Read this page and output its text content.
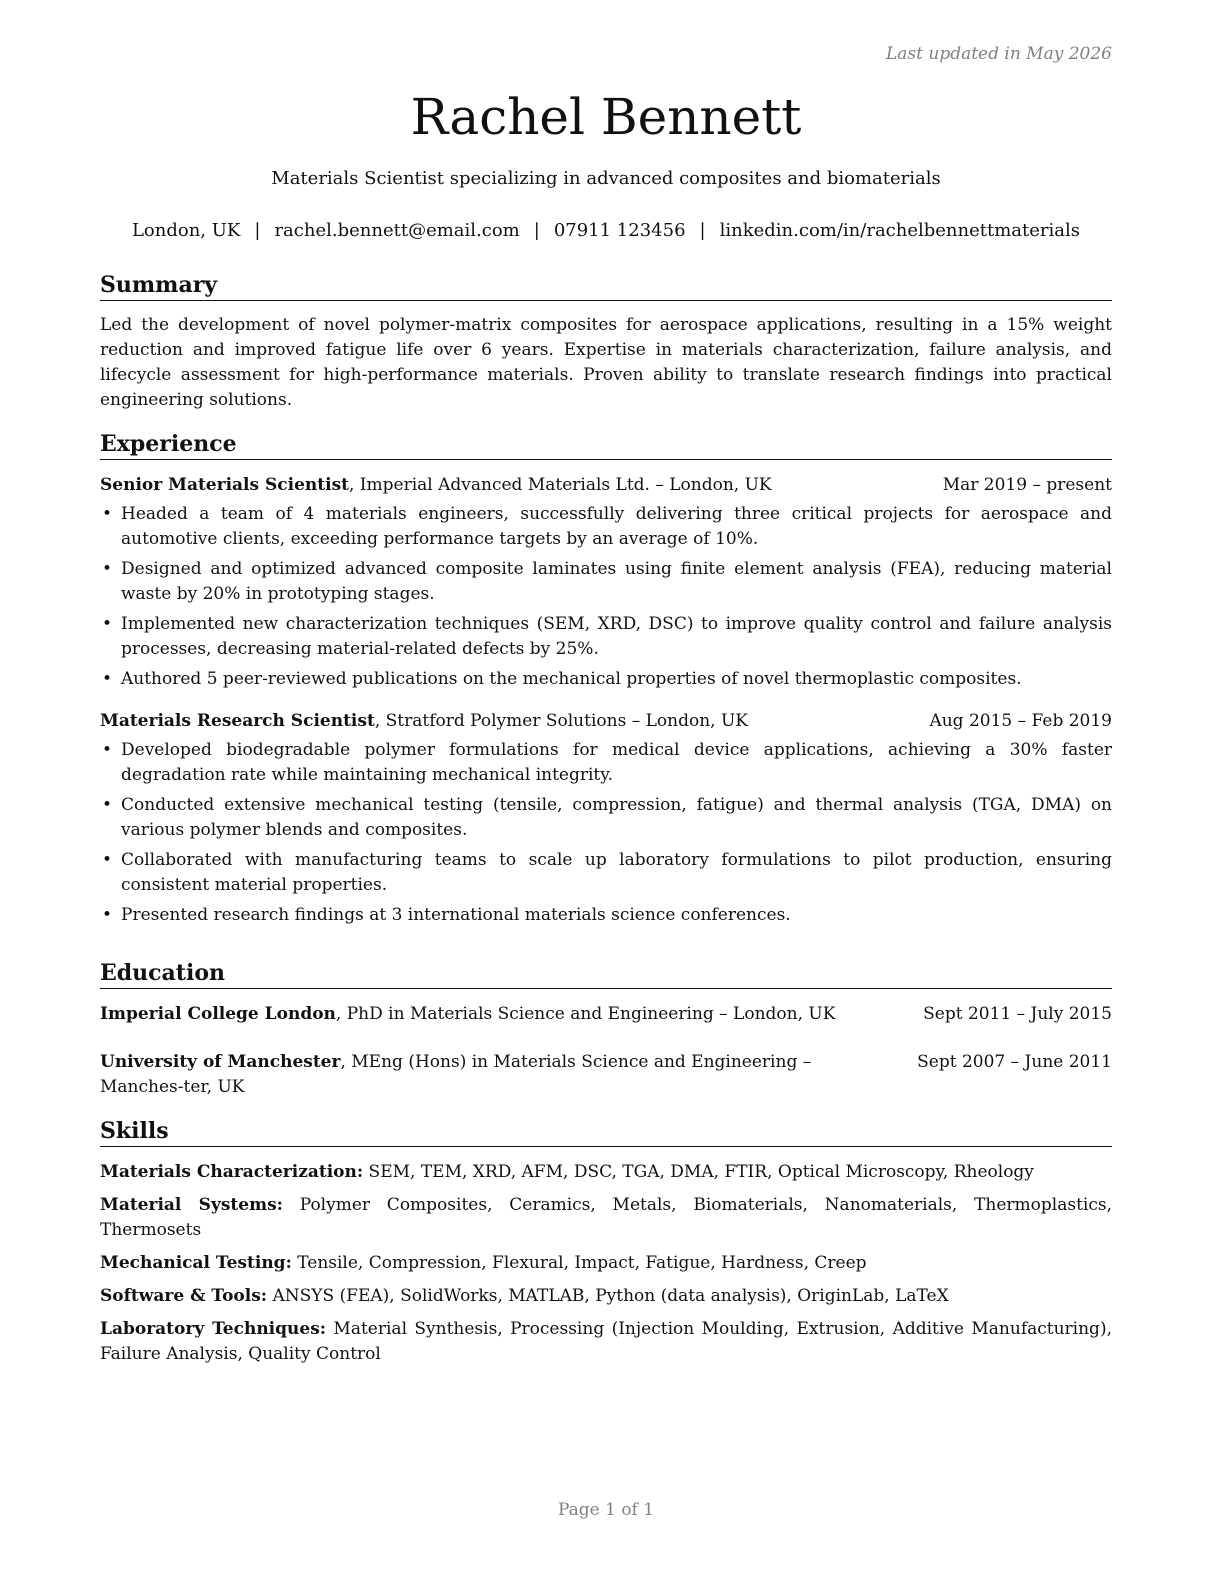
Last updated in May 2026
Rachel Bennett
Materials Scientist specializing in advanced composites and biomaterials
London, UK | rachel.bennett@email.com | 07911 123456 | linkedin.com/in/rachelbennettmaterials
Summary

Led the development of novel polymer-matrix composites for aerospace applications, resulting in a 15% weight reduction and improved fatigue life over 6 years. Expertise in materials characterization, failure analysis, and lifecycle assessment for high-performance materials. Proven ability to translate research findings into practical engineering solutions.

Experience
Senior Materials Scientist, Imperial Advanced Materials Ltd. – London, UK	Mar 2019 – present
• Headed a team of 4 materials engineers, successfully delivering three critical projects for aerospace and automotive clients, exceeding performance targets by an average of 10%.
• Designed and optimized advanced composite laminates using finite element analysis (FEA), reducing material waste by 20% in prototyping stages.
• Implemented new characterization techniques (SEM, XRD, DSC) to improve quality control and failure analysis processes, decreasing material-related defects by 25%.
• Authored 5 peer-reviewed publications on the mechanical properties of novel thermoplastic composites.
Materials Research Scientist, Stratford Polymer Solutions – London, UK	Aug 2015 – Feb 2019
• Developed biodegradable polymer formulations for medical device applications, achieving a 30% faster degradation rate while maintaining mechanical integrity.
• Conducted extensive mechanical testing (tensile, compression, fatigue) and thermal analysis (TGA, DMA) on various polymer blends and composites.
• Collaborated with manufacturing teams to scale up laboratory formulations to pilot production, ensuring consistent material properties.
• Presented research findings at 3 international materials science conferences.
Education
Imperial College London, PhD in Materials Science and Engineering – London, UK	Sept 2011 – July 2015
University of Manchester, MEng (Hons) in Materials Science and Engineering – Manches-ter, UK
Sept 2007 – June 2011
Skills
Materials Characterization: SEM, TEM, XRD, AFM, DSC, TGA, DMA, FTIR, Optical Microscopy, Rheology
Material Systems: Polymer Composites, Ceramics, Metals, Biomaterials, Nanomaterials, Thermoplastics, Thermosets
Mechanical Testing: Tensile, Compression, Flexural, Impact, Fatigue, Hardness, Creep
Software & Tools: ANSYS (FEA), SolidWorks, MATLAB, Python (data analysis), OriginLab, LaTeX
Laboratory Techniques: Material Synthesis, Processing (Injection Moulding, Extrusion, Additive Manufacturing), Failure Analysis, Quality Control
Page 1 of 1
